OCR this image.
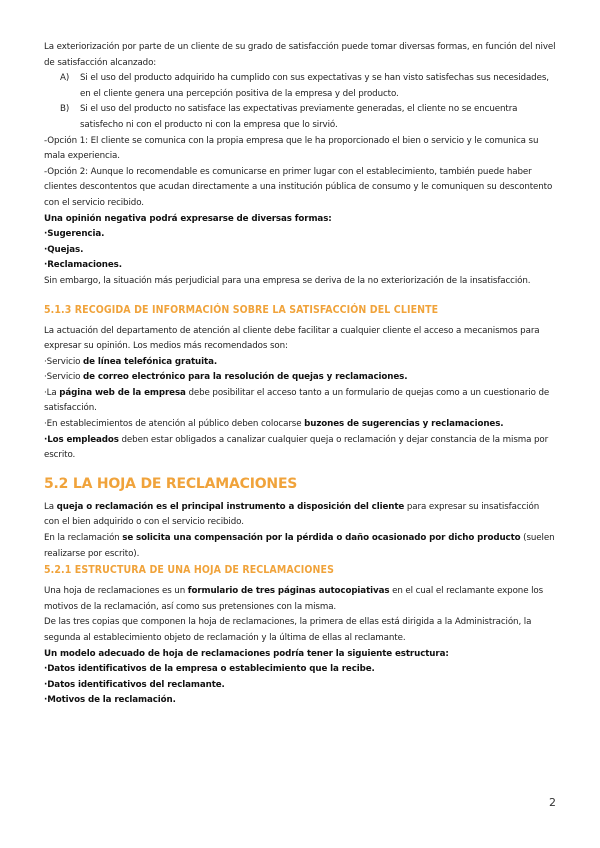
La exteriorización por parte de un cliente de su grado de satisfacción puede tomar diversas formas, en función del nivel de satisfacción alcanzado:

A)	Si el uso del producto adquirido ha cumplido con sus expectativas y se han visto satisfechas sus necesidades, en el cliente genera una percepción positiva de la empresa y del producto.
B)	Si el uso del producto no satisface las expectativas previamente generadas, el cliente no se encuentra satisfecho ni con el producto ni con la empresa que lo sirvió.

-Opción 1: El cliente se comunica con la propia empresa que le ha proporcionado el bien o servicio y le comunica su mala experiencia.

-Opción 2: Aunque lo recomendable es comunicarse en primer lugar con el establecimiento, también puede haber clientes descontentos que acudan directamente a una institución pública de consumo y le comuniquen su descontento con el servicio recibido.

Una opinión negativa podrá expresarse de diversas formas:

·Sugerencia.

·Quejas.

·Reclamaciones.

Sin embargo, la situación más perjudicial para una empresa se deriva de la no exteriorización de la insatisfacción.

5.1.3 RECOGIDA DE INFORMACIÓN SOBRE LA SATISFACCIÓN DEL CLIENTE

La actuación del departamento de atención al cliente debe facilitar a cualquier cliente el acceso a mecanismos para expresar su opinión. Los medios más recomendados son:

·Servicio de línea telefónica gratuita.

·Servicio de correo electrónico para la resolución de quejas y reclamaciones.

·La página web de la empresa debe posibilitar el acceso tanto a un formulario de quejas como a un cuestionario de satisfacción.

·En establecimientos de atención al público deben colocarse buzones de sugerencias y reclamaciones.

·Los empleados deben estar obligados a canalizar cualquier queja o reclamación y dejar constancia de la misma por escrito.

5.2 LA HOJA DE RECLAMACIONES

La queja o reclamación es el principal instrumento a disposición del cliente para expresar su insatisfacción con el bien adquirido o con el servicio recibido.

En la reclamación se solicita una compensación por la pérdida o daño ocasionado por dicho producto (suelen realizarse por escrito).

5.2.1 ESTRUCTURA DE UNA HOJA DE RECLAMACIONES

Una hoja de reclamaciones es un formulario de tres páginas autocopiativas en el cual el reclamante expone los motivos de la reclamación, así como sus pretensiones con la misma.

De las tres copias que componen la hoja de reclamaciones, la primera de ellas está dirigida a la Administración, la segunda al establecimiento objeto de reclamación y la última de ellas al reclamante.

Un modelo adecuado de hoja de reclamaciones podría tener la siguiente estructura:

·Datos identificativos de la empresa o establecimiento que la recibe.

·Datos identificativos del reclamante.

·Motivos de la reclamación.

2
